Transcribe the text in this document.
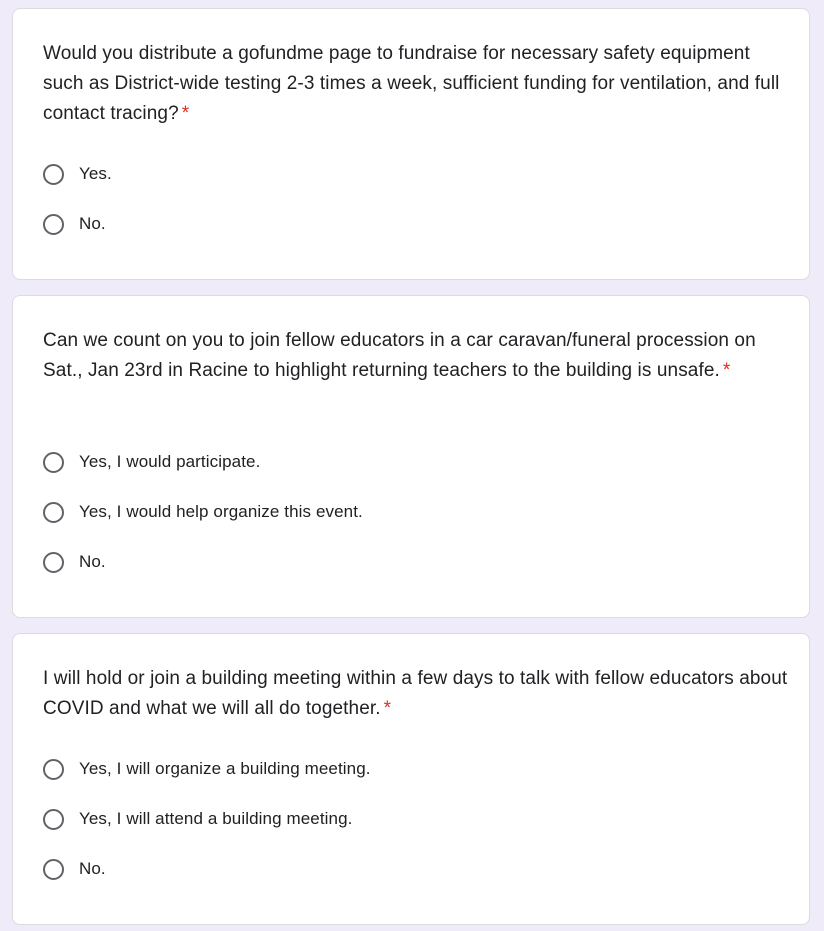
Would you distribute a gofundme page to fundraise for necessary safety equipment such as District-wide testing 2-3 times a week, sufficient funding for ventilation, and full contact tracing? *

Yes.
No.

Can we count on you to join fellow educators in a car caravan/funeral procession on Sat., Jan 23rd in Racine to highlight returning teachers to the building is unsafe. *

Yes, I would participate.
Yes, I would help organize this event.
No.

I will hold or join a building meeting within a few days to talk with fellow educators about COVID and what we will all do together. *

Yes, I will organize a building meeting.
Yes, I will attend a building meeting.
No.
